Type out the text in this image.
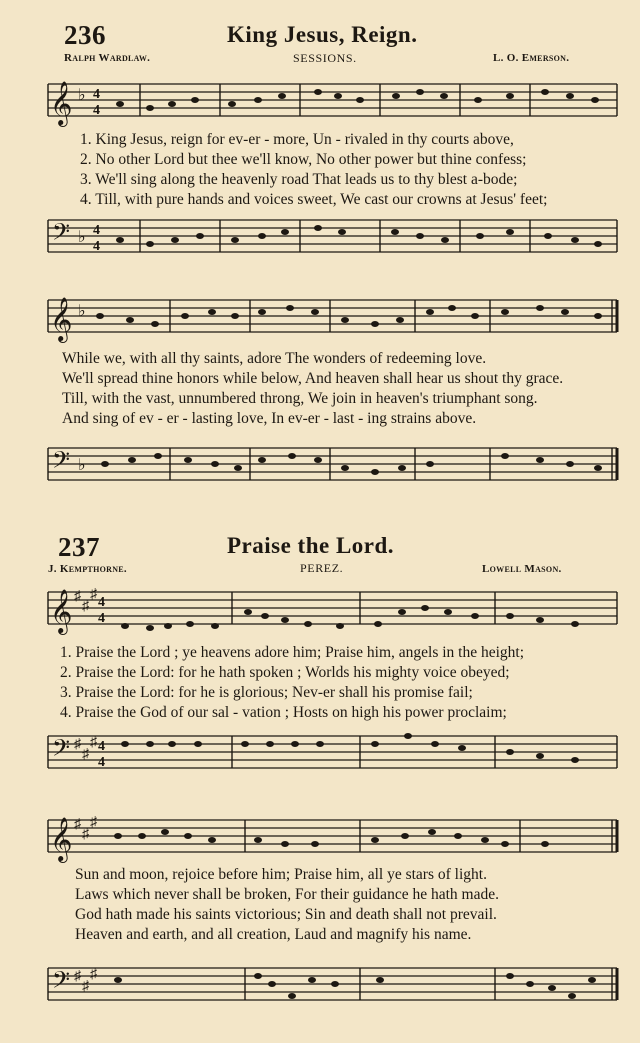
236	King Jesus, Reign.
Ralph Wardlaw.	SESSIONS.	L. O. Emerson.
𝄞 ♭ 4
4
1. King Jesus, reign for ev-er - more, Un - rivaled in thy courts above,
2. No other Lord but thee we'll know, No other power but thine confess;
3. We'll sing along the heavenly road That leads us to thy blest a-bode;
4. Till, with pure hands and voices sweet, We cast our crowns at Jesus' feet;
𝄢 ♭ 4
4
𝄞 ♭
While we, with all thy saints, adore The wonders of redeeming love.
We'll spread thine honors while below, And heaven shall hear us shout thy grace.
Till, with the vast, unnumbered throng, We join in heaven's triumphant song.
And sing of ev - er - lasting love, In ev-er - last - ing strains above.
𝄢 ♭
237	Praise the Lord.
J. Kempthorne.	PEREZ.	Lowell Mason.
𝄞 ♯
♯
♯
4
4
1. Praise the Lord ; ye heavens adore him; Praise him, angels in the height;
2. Praise the Lord: for he hath spoken ; Worlds his mighty voice obeyed;
3. Praise the Lord: for he is glorious; Nev-er shall his promise fail;
4. Praise the God of our sal - vation ; Hosts on high his power proclaim;
𝄢 ♯
♯
♯ 4
4
𝄞 ♯
♯
♯
Sun and moon, rejoice before him; Praise him, all ye stars of light.
Laws which never shall be broken, For their guidance he hath made.
God hath made his saints victorious; Sin and death shall not prevail.
Heaven and earth, and all creation, Laud and magnify his name.
𝄢 ♯
♯
♯
